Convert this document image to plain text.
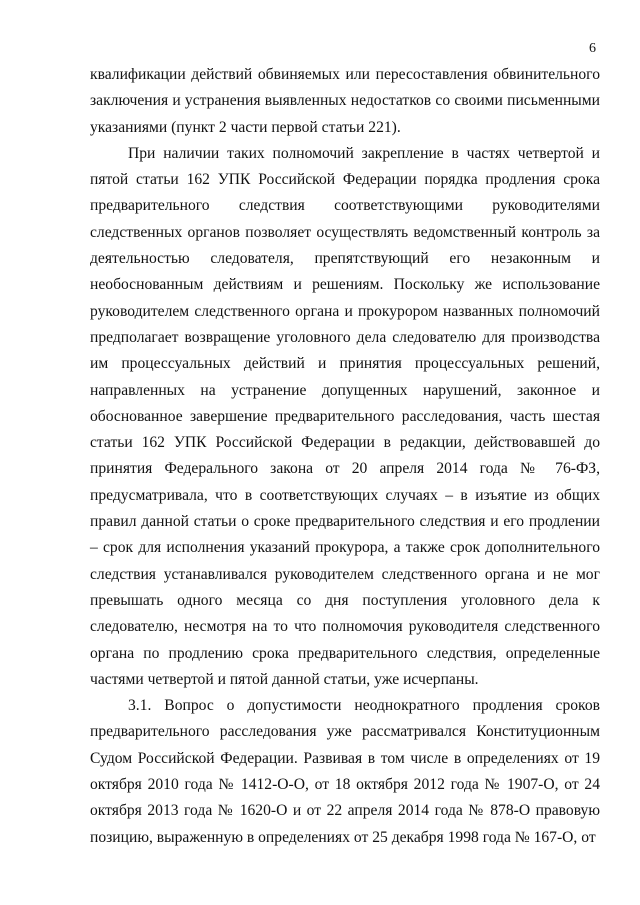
6

квалификации действий обвиняемых или пересоставления обвинительного заключения и устранения выявленных недостатков со своими письменными указаниями (пункт 2 части первой статьи 221).

При наличии таких полномочий закрепление в частях четвертой и пятой статьи 162 УПК Российской Федерации порядка продления срока предварительного следствия соответствующими руководителями следственных органов позволяет осуществлять ведомственный контроль за деятельностью следователя, препятствующий его незаконным и необоснованным действиям и решениям. Поскольку же использование руководителем следственного органа и прокурором названных полномочий предполагает возвращение уголовного дела следователю для производства им процессуальных действий и принятия процессуальных решений, направленных на устранение допущенных нарушений, законное и обоснованное завершение предварительного расследования, часть шестая статьи 162 УПК Российской Федерации в редакции, действовавшей до принятия Федерального закона от 20 апреля 2014 года № 76-ФЗ, предусматривала, что в соответствующих случаях – в изъятие из общих правил данной статьи о сроке предварительного следствия и его продлении – срок для исполнения указаний прокурора, а также срок дополнительного следствия устанавливался руководителем следственного органа и не мог превышать одного месяца со дня поступления уголовного дела к следователю, несмотря на то что полномочия руководителя следственного органа по продлению срока предварительного следствия, определенные частями четвертой и пятой данной статьи, уже исчерпаны.

3.1. Вопрос о допустимости неоднократного продления сроков предварительного расследования уже рассматривался Конституционным Судом Российской Федерации. Развивая в том числе в определениях от 19 октября 2010 года № 1412-О-О, от 18 октября 2012 года № 1907-О, от 24 октября 2013 года № 1620-О и от 22 апреля 2014 года № 878-О правовую позицию, выраженную в определениях от 25 декабря 1998 года № 167-О, от
